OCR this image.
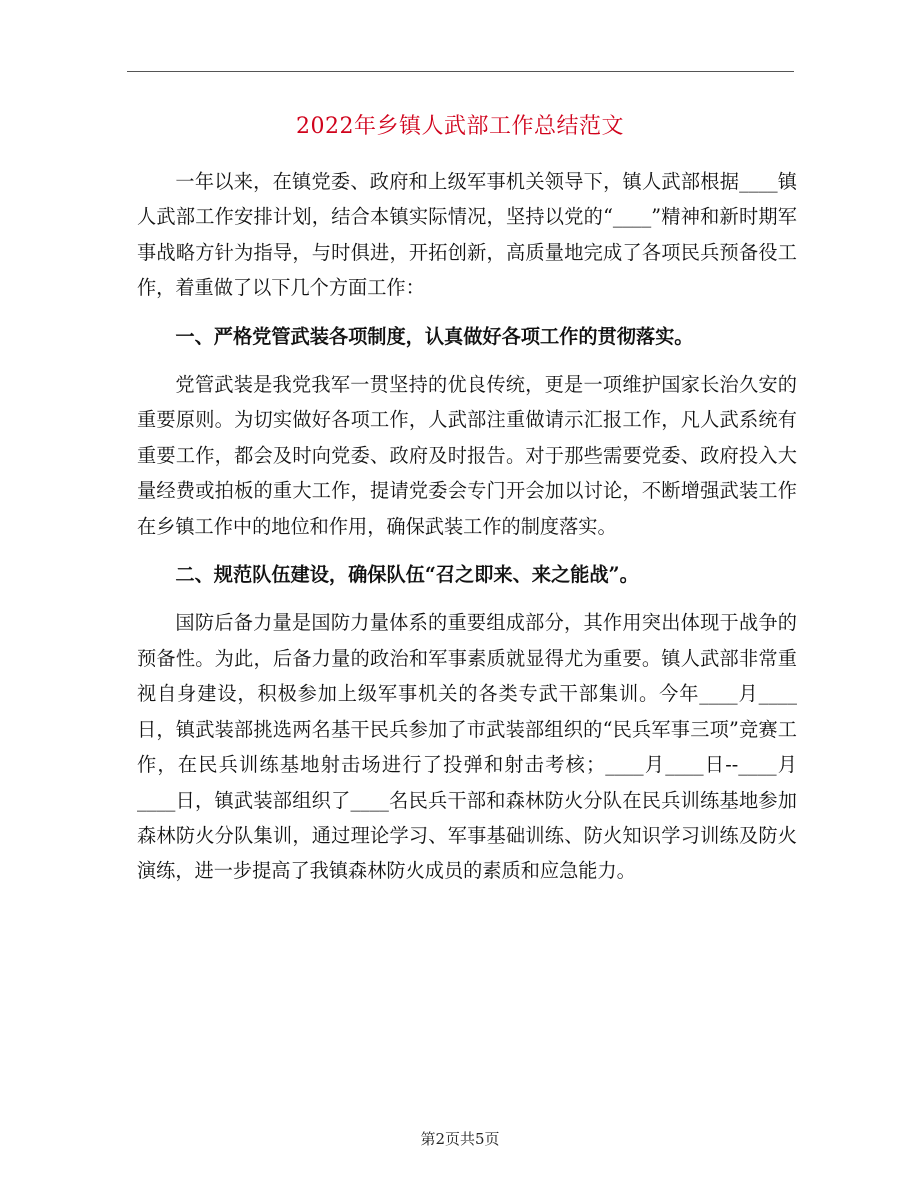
2022年乡镇人武部工作总结范文

一年以来，在镇党委、政府和上级军事机关领导下，镇人武部根据____镇人武部工作安排计划，结合本镇实际情况，坚持以党的“____”精神和新时期军事战略方针为指导，与时俱进，开拓创新，高质量地完成了各项民兵预备役工作，着重做了以下几个方面工作：

一、严格党管武装各项制度，认真做好各项工作的贯彻落实。

党管武装是我党我军一贯坚持的优良传统，更是一项维护国家长治久安的重要原则。为切实做好各项工作，人武部注重做请示汇报工作，凡人武系统有重要工作，都会及时向党委、政府及时报告。对于那些需要党委、政府投入大量经费或拍板的重大工作，提请党委会专门开会加以讨论，不断增强武装工作在乡镇工作中的地位和作用，确保武装工作的制度落实。

二、规范队伍建设，确保队伍“召之即来、来之能战”。

国防后备力量是国防力量体系的重要组成部分，其作用突出体现于战争的预备性。为此，后备力量的政治和军事素质就显得尤为重要。镇人武部非常重视自身建设，积极参加上级军事机关的各类专武干部集训。今年____月____日，镇武装部挑选两名基干民兵参加了市武装部组织的“民兵军事三项”竞赛工作，在民兵训练基地射击场进行了投弹和射击考核；____月____日--____月____日，镇武装部组织了____名民兵干部和森林防火分队在民兵训练基地参加森林防火分队集训，通过理论学习、军事基础训练、防火知识学习训练及防火演练，进一步提高了我镇森林防火成员的素质和应急能力。

第2页共5页
